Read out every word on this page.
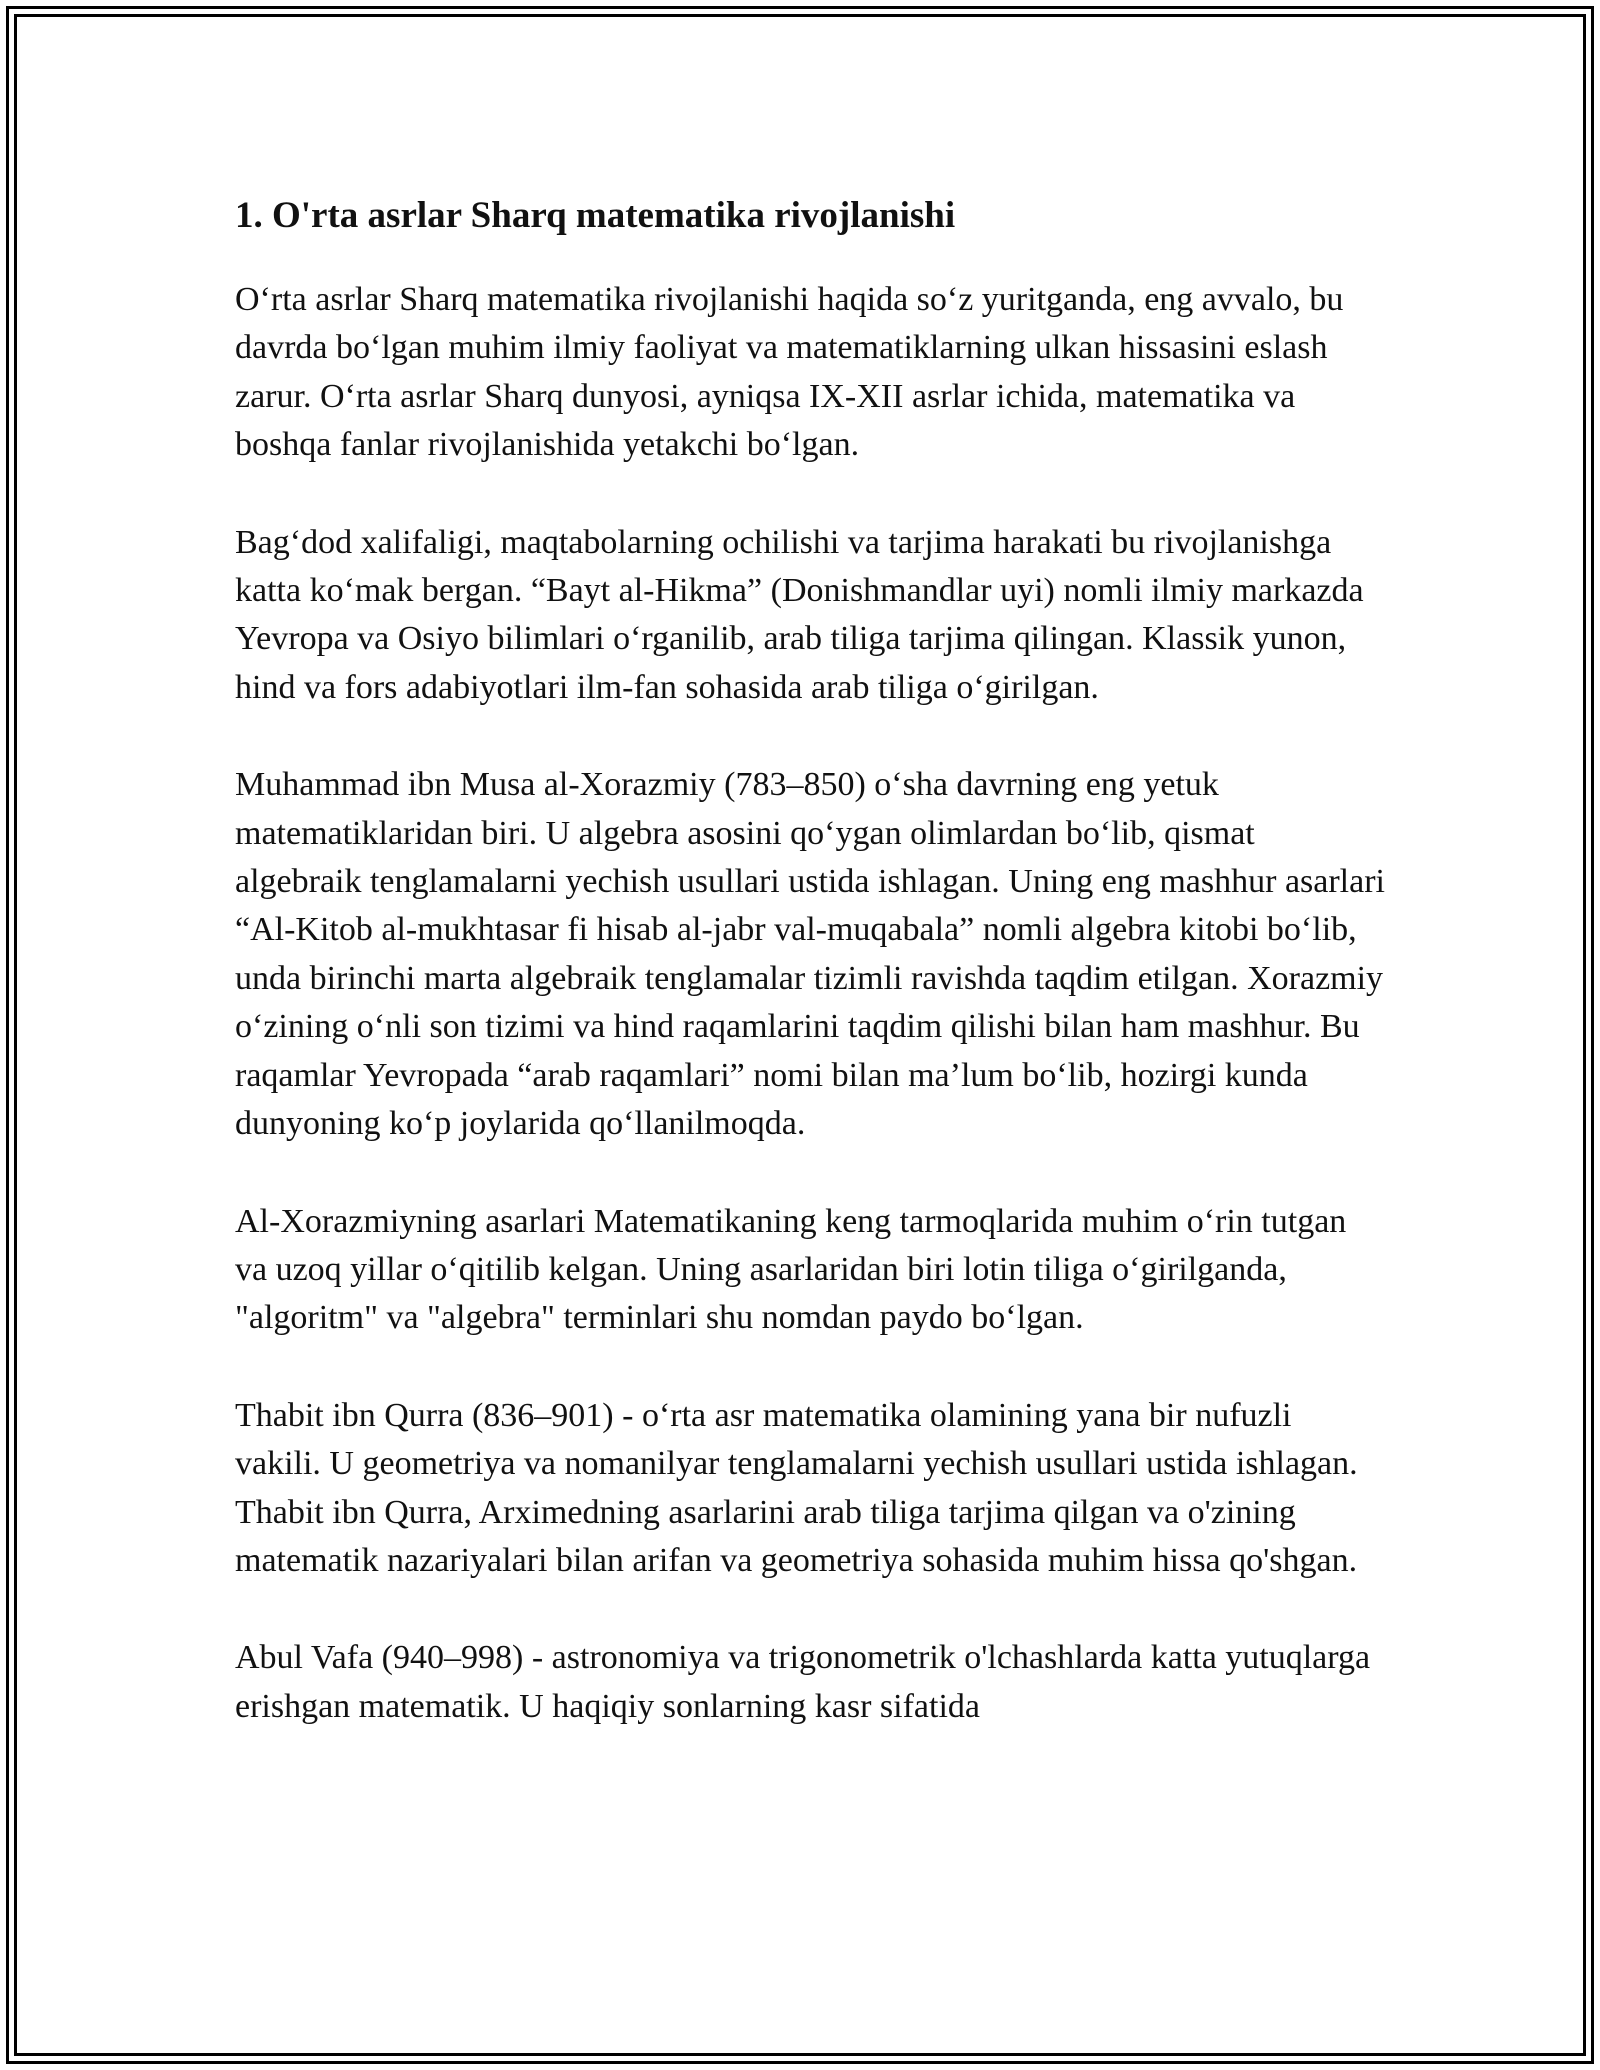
1. O'rta asrlar Sharq matematika rivojlanishi

O‘rta asrlar Sharq matematika rivojlanishi haqida so‘z yuritganda, eng avvalo, bu davrda bo‘lgan muhim ilmiy faoliyat va matematiklarning ulkan hissasini eslash zarur. O‘rta asrlar Sharq dunyosi, ayniqsa IX-XII asrlar ichida, matematika va boshqa fanlar rivojlanishida yetakchi bo‘lgan.

Bag‘dod xalifaligi, maqtabolarning ochilishi va tarjima harakati bu rivojlanishga katta ko‘mak bergan. “Bayt al-Hikma” (Donishmandlar uyi) nomli ilmiy markazda Yevropa va Osiyo bilimlari o‘rganilib, arab tiliga tarjima qilingan. Klassik yunon, hind va fors adabiyotlari ilm-fan sohasida arab tiliga o‘girilgan.

Muhammad ibn Musa al-Xorazmiy (783–850) o‘sha davrning eng yetuk matematiklaridan biri. U algebra asosini qo‘ygan olimlardan bo‘lib, qismat algebraik tenglamalarni yechish usullari ustida ishlagan. Uning eng mashhur asarlari “Al-Kitob al-mukhtasar fi hisab al-jabr val-muqabala” nomli algebra kitobi bo‘lib, unda birinchi marta algebraik tenglamalar tizimli ravishda taqdim etilgan. Xorazmiy o‘zining o‘nli son tizimi va hind raqamlarini taqdim qilishi bilan ham mashhur. Bu raqamlar Yevropada “arab raqamlari” nomi bilan ma’lum bo‘lib, hozirgi kunda dunyoning ko‘p joylarida qo‘llanilmoqda.

Al-Xorazmiyning asarlari Matematikaning keng tarmoqlarida muhim o‘rin tutgan va uzoq yillar o‘qitilib kelgan. Uning asarlaridan biri lotin tiliga o‘girilganda, "algoritm" va "algebra" terminlari shu nomdan paydo bo‘lgan.

Thabit ibn Qurra (836–901) - o‘rta asr matematika olamining yana bir nufuzli vakili. U geometriya va nomanilyar tenglamalarni yechish usullari ustida ishlagan. Thabit ibn Qurra, Arximedning asarlarini arab tiliga tarjima qilgan va o'zining matematik nazariyalari bilan arifan va geometriya sohasida muhim hissa qo'shgan.

Abul Vafa (940–998) - astronomiya va trigonometrik o'lchashlarda katta yutuqlarga erishgan matematik. U haqiqiy sonlarning kasr sifatida
